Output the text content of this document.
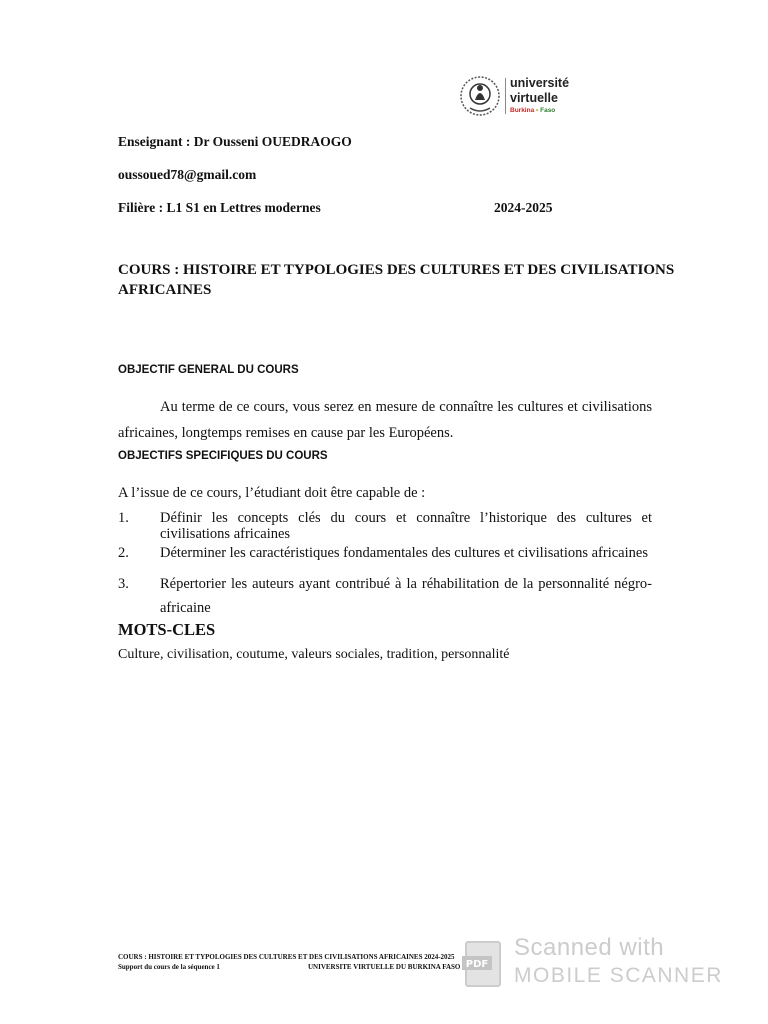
université
virtuelle
Burkina • Faso
Enseignant : Dr Ousseni OUEDRAOGO
oussoued78@gmail.com
Filière : L1 S1 en Lettres modernes	2024-2025
COURS : HISTOIRE ET TYPOLOGIES DES CULTURES ET DES CIVILISATIONS AFRICAINES
OBJECTIF GENERAL DU COURS
Au terme de ce cours, vous serez en mesure de connaître les cultures et civilisations africaines, longtemps remises en cause par les Européens.
OBJECTIFS SPECIFIQUES DU COURS
A l’issue de ce cours, l’étudiant doit être capable de :
1. Définir les concepts clés du cours et connaître l’historique des cultures et civilisations africaines
2. Déterminer les caractéristiques fondamentales des cultures et civilisations africaines
3. Répertorier les auteurs ayant contribué à la réhabilitation de la personnalité négro-africaine
MOTS-CLES
Culture, civilisation, coutume, valeurs sociales, tradition, personnalité
COURS : HISTOIRE ET TYPOLOGIES DES CULTURES ET DES CIVILISATIONS AFRICAINES 2024-2025
Support du cours de la séquence 1	UNIVERSITE VIRTUELLE DU BURKINA FASO PDF
Scanned with
MOBILE SCANNER
